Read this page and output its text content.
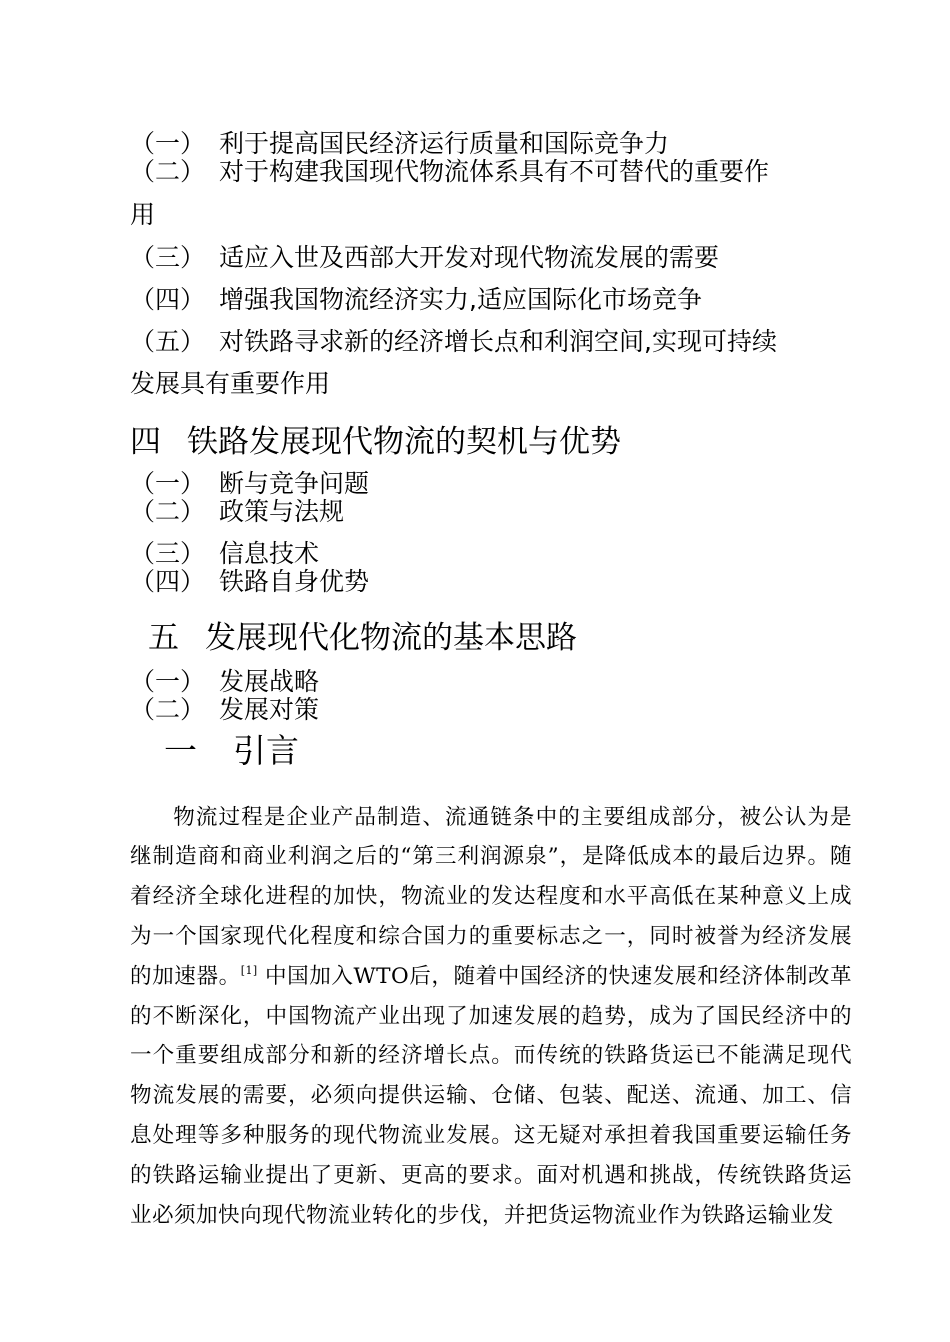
（一） 利于提高国民经济运行质量和国际竞争力
（二） 对于构建我国现代物流体系具有不可替代的重要作
用
（三） 适应入世及西部大开发对现代物流发展的需要
（四） 增强我国物流经济实力,适应国际化市场竞争
（五） 对铁路寻求新的经济增长点和利润空间,实现可持续
发展具有重要作用
四 铁路发展现代物流的契机与优势
（一） 断与竞争问题
（二） 政策与法规
（三） 信息技术
（四） 铁路自身优势
五 发展现代化物流的基本思路
（一） 发展战略
（二） 发展对策
一 引言

物流过程是企业产品制造、流通链条中的主要组成部分，被公认为是继制造商和商业利润之后的“第三利润源泉”，是降低成本的最后边界。随着经济全球化进程的加快，物流业的发达程度和水平高低在某种意义上成为一个国家现代化程度和综合国力的重要标志之一，同时被誉为经济发展的加速器。[1] 中国加入WTO后，随着中国经济的快速发展和经济体制改革的不断深化，中国物流产业出现了加速发展的趋势，成为了国民经济中的一个重要组成部分和新的经济增长点。而传统的铁路货运已不能满足现代物流发展的需要，必须向提供运输、仓储、包装、配送、流通、加工、信息处理等多种服务的现代物流业发展。这无疑对承担着我国重要运输任务的铁路运输业提出了更新、更高的要求。面对机遇和挑战，传统铁路货运业必须加快向现代物流业转化的步伐，并把货运物流业作为铁路运输业发
